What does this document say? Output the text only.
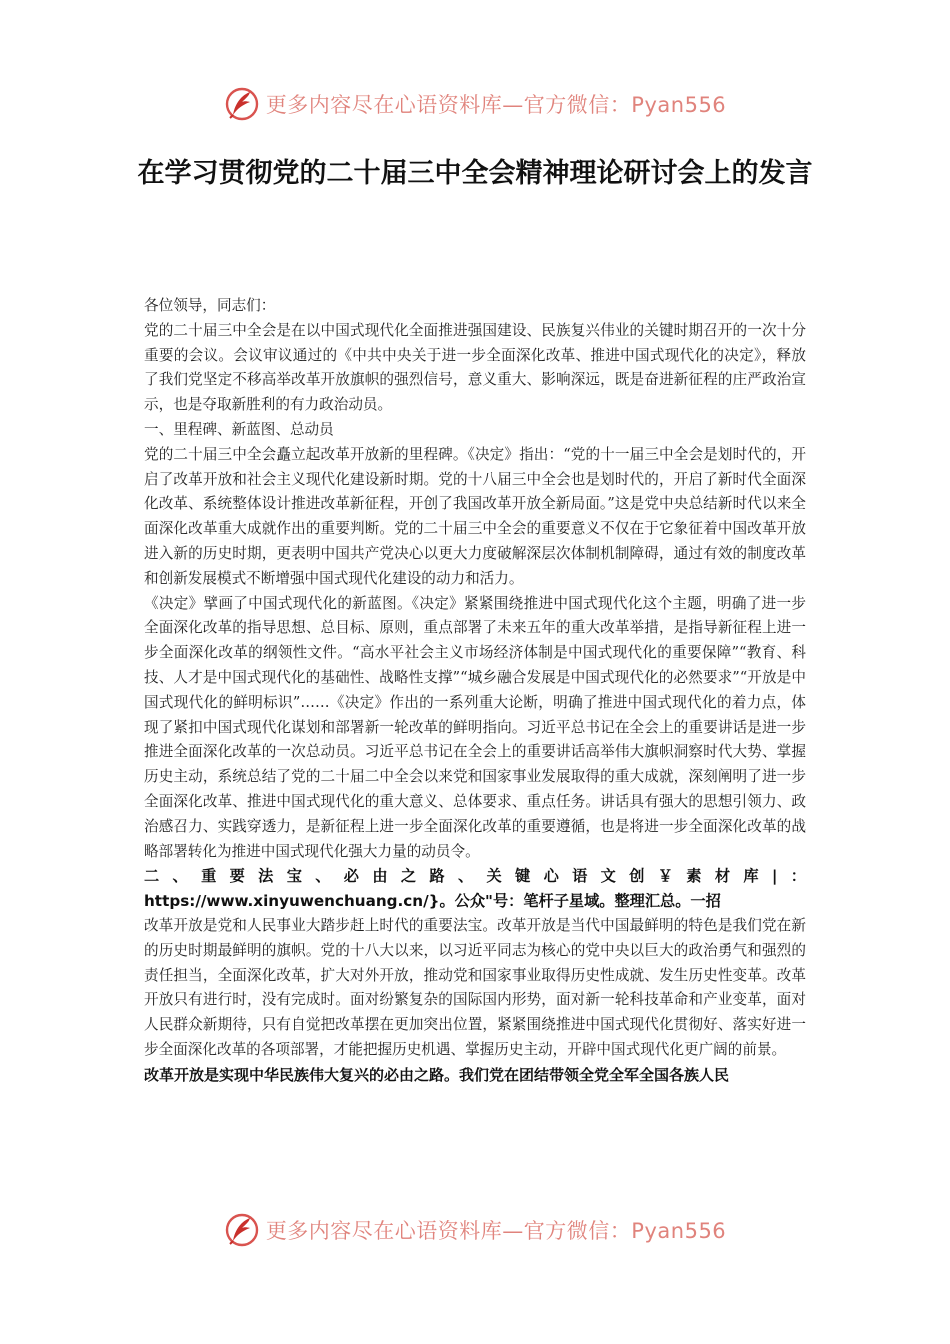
更多内容尽在心语资料库—官方微信：Pyan556
在学习贯彻党的二十届三中全会精神理论研讨会上的发言

各位领导，同志们：

党的二十届三中全会是在以中国式现代化全面推进强国建设、民族复兴伟业的关键时期召开的一次十分重要的会议。会议审议通过的《中共中央关于进一步全面深化改革、推进中国式现代化的决定》，释放了我们党坚定不移高举改革开放旗帜的强烈信号，意义重大、影响深远，既是奋进新征程的庄严政治宣示，也是夺取新胜利的有力政治动员。

一、里程碑、新蓝图、总动员

党的二十届三中全会矗立起改革开放新的里程碑。《决定》指出：“党的十一届三中全会是划时代的，开启了改革开放和社会主义现代化建设新时期。党的十八届三中全会也是划时代的，开启了新时代全面深化改革、系统整体设计推进改革新征程，开创了我国改革开放全新局面。”这是党中央总结新时代以来全面深化改革重大成就作出的重要判断。党的二十届三中全会的重要意义不仅在于它象征着中国改革开放进入新的历史时期，更表明中国共产党决心以更大力度破解深层次体制机制障碍，通过有效的制度改革和创新发展模式不断增强中国式现代化建设的动力和活力。

《决定》擘画了中国式现代化的新蓝图。《决定》紧紧围绕推进中国式现代化这个主题，明确了进一步全面深化改革的指导思想、总目标、原则，重点部署了未来五年的重大改革举措，是指导新征程上进一步全面深化改革的纲领性文件。“高水平社会主义市场经济体制是中国式现代化的重要保障”“教育、科技、人才是中国式现代化的基础性、战略性支撑”“城乡融合发展是中国式现代化的必然要求”“开放是中国式现代化的鲜明标识”……《决定》作出的一系列重大论断，明确了推进中国式现代化的着力点，体现了紧扣中国式现代化谋划和部署新一轮改革的鲜明指向。习近平总书记在全会上的重要讲话是进一步推进全面深化改革的一次总动员。习近平总书记在全会上的重要讲话高举伟大旗帜洞察时代大势、掌握历史主动，系统总结了党的二十届二中全会以来党和国家事业发展取得的重大成就，深刻阐明了进一步全面深化改革、推进中国式现代化的重大意义、总体要求、重点任务。讲话具有强大的思想引领力、政治感召力、实践穿透力，是新征程上进一步全面深化改革的重要遵循，也是将进一步全面深化改革的战略部署转化为推进中国式现代化强大力量的动员令。

二、重要法宝、必由之路、关键心语文创￥素材库|：https://www.xinyuwenchuang.cn/}。公众"号：笔杆子星域。整理汇总。一招

改革开放是党和人民事业大踏步赶上时代的重要法宝。改革开放是当代中国最鲜明的特色是我们党在新的历史时期最鲜明的旗帜。党的十八大以来，以习近平同志为核心的党中央以巨大的政治勇气和强烈的责任担当，全面深化改革，扩大对外开放，推动党和国家事业取得历史性成就、发生历史性变革。改革开放只有进行时，没有完成时。面对纷繁复杂的国际国内形势，面对新一轮科技革命和产业变革，面对人民群众新期待，只有自觉把改革摆在更加突出位置，紧紧围绕推进中国式现代化贯彻好、落实好进一步全面深化改革的各项部署，才能把握历史机遇、掌握历史主动，开辟中国式现代化更广阔的前景。

改革开放是实现中华民族伟大复兴的必由之路。我们党在团结带领全党全军全国各族人民

更多内容尽在心语资料库—官方微信：Pyan556
